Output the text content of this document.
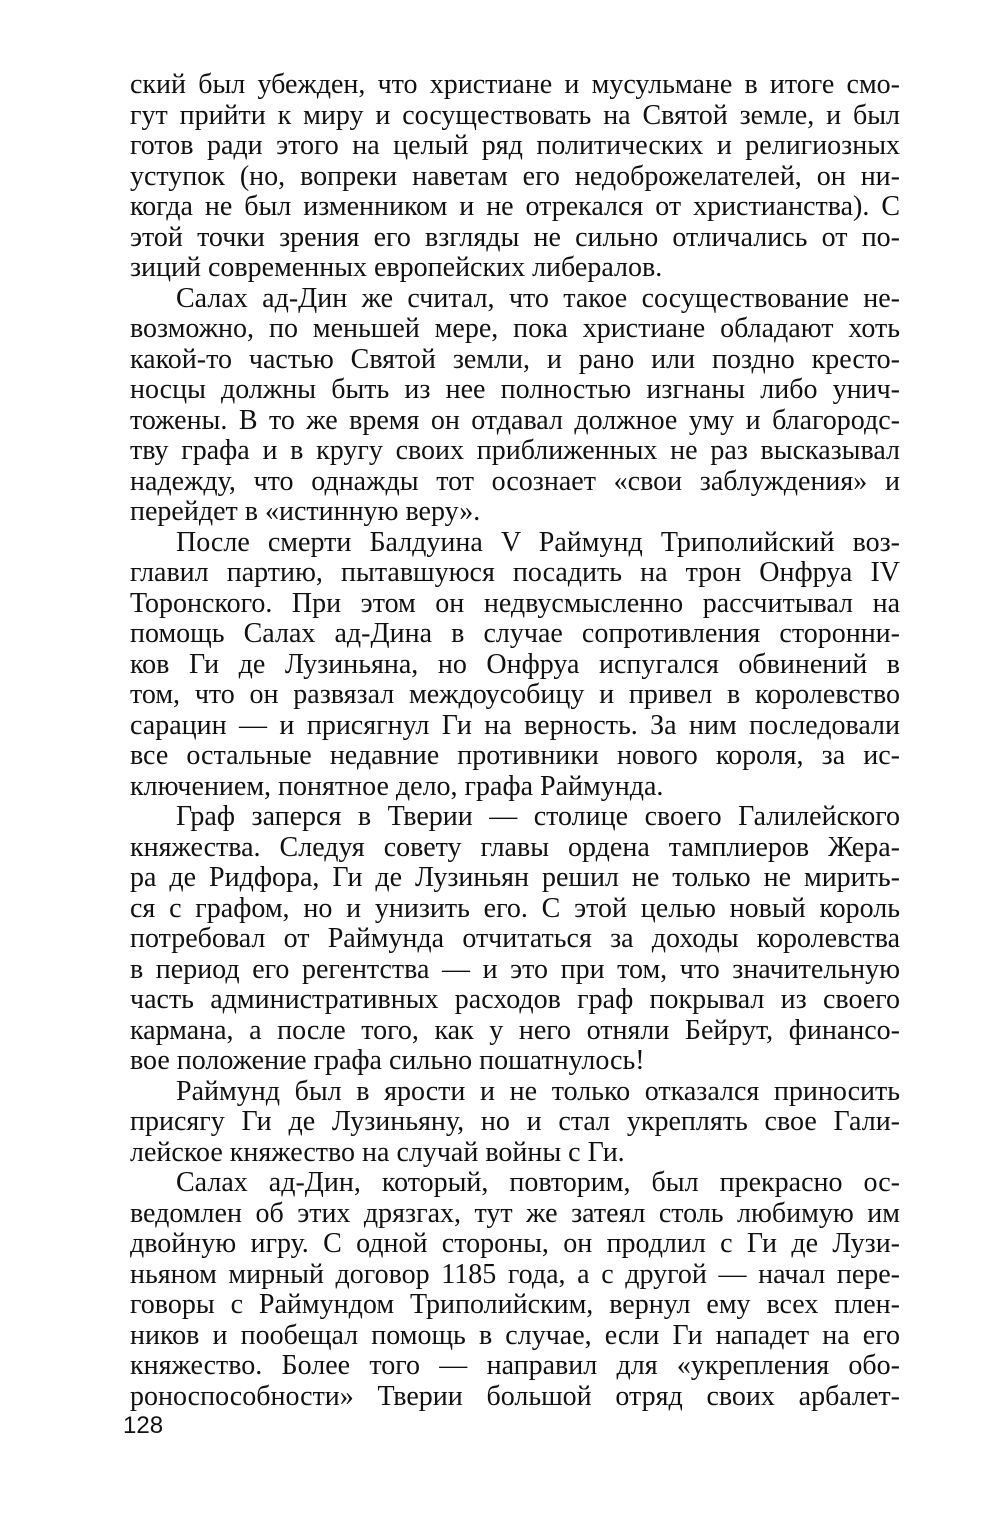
ский был убежден, что христиане и мусульмане в итоге смо-
гут прийти к миру и сосуществовать на Святой земле, и был
готов ради этого на целый ряд политических и религиозных
уступок (но, вопреки наветам его недоброжелателей, он ни-
когда не был изменником и не отрекался от христианства). С
этой точки зрения его взгляды не сильно отличались от по-
зиций современных европейских либералов.
Салах ад-Дин же считал, что такое сосуществование не-
возможно, по меньшей мере, пока христиане обладают хоть
какой-то частью Святой земли, и рано или поздно кресто-
носцы должны быть из нее полностью изгнаны либо унич-
тожены. В то же время он отдавал должное уму и благородс-
тву графа и в кругу своих приближенных не раз высказывал
надежду, что однажды тот осознает «свои заблуждения» и
перейдет в «истинную веру».
После смерти Балдуина V Раймунд Триполийский воз-
главил партию, пытавшуюся посадить на трон Онфруа IV
Торонского. При этом он недвусмысленно рассчитывал на
помощь Салах ад-Дина в случае сопротивления сторонни-
ков Ги де Лузиньяна, но Онфруа испугался обвинений в
том, что он развязал междоусобицу и привел в королевство
сарацин — и присягнул Ги на верность. За ним последовали
все остальные недавние противники нового короля, за ис-
ключением, понятное дело, графа Раймунда.
Граф заперся в Тверии — столице своего Галилейского
княжества. Следуя совету главы ордена тамплиеров Жера-
ра де Ридфора, Ги де Лузиньян решил не только не мирить-
ся с графом, но и унизить его. С этой целью новый король
потребовал от Раймунда отчитаться за доходы королевства
в период его регентства — и это при том, что значительную
часть административных расходов граф покрывал из своего
кармана, а после того, как у него отняли Бейрут, финансо-
вое положение графа сильно пошатнулось!
Раймунд был в ярости и не только отказался приносить
присягу Ги де Лузиньяну, но и стал укреплять свое Гали-
лейское княжество на случай войны с Ги.
Салах ад-Дин, который, повторим, был прекрасно ос-
ведомлен об этих дрязгах, тут же затеял столь любимую им
двойную игру. С одной стороны, он продлил с Ги де Лузи-
ньяном мирный договор 1185 года, а с другой — начал пере-
говоры с Раймундом Триполийским, вернул ему всех плен-
ников и пообещал помощь в случае, если Ги нападет на его
княжество. Более того — направил для «укрепления обо-
роноспособности» Тверии большой отряд своих арбалет-
128
